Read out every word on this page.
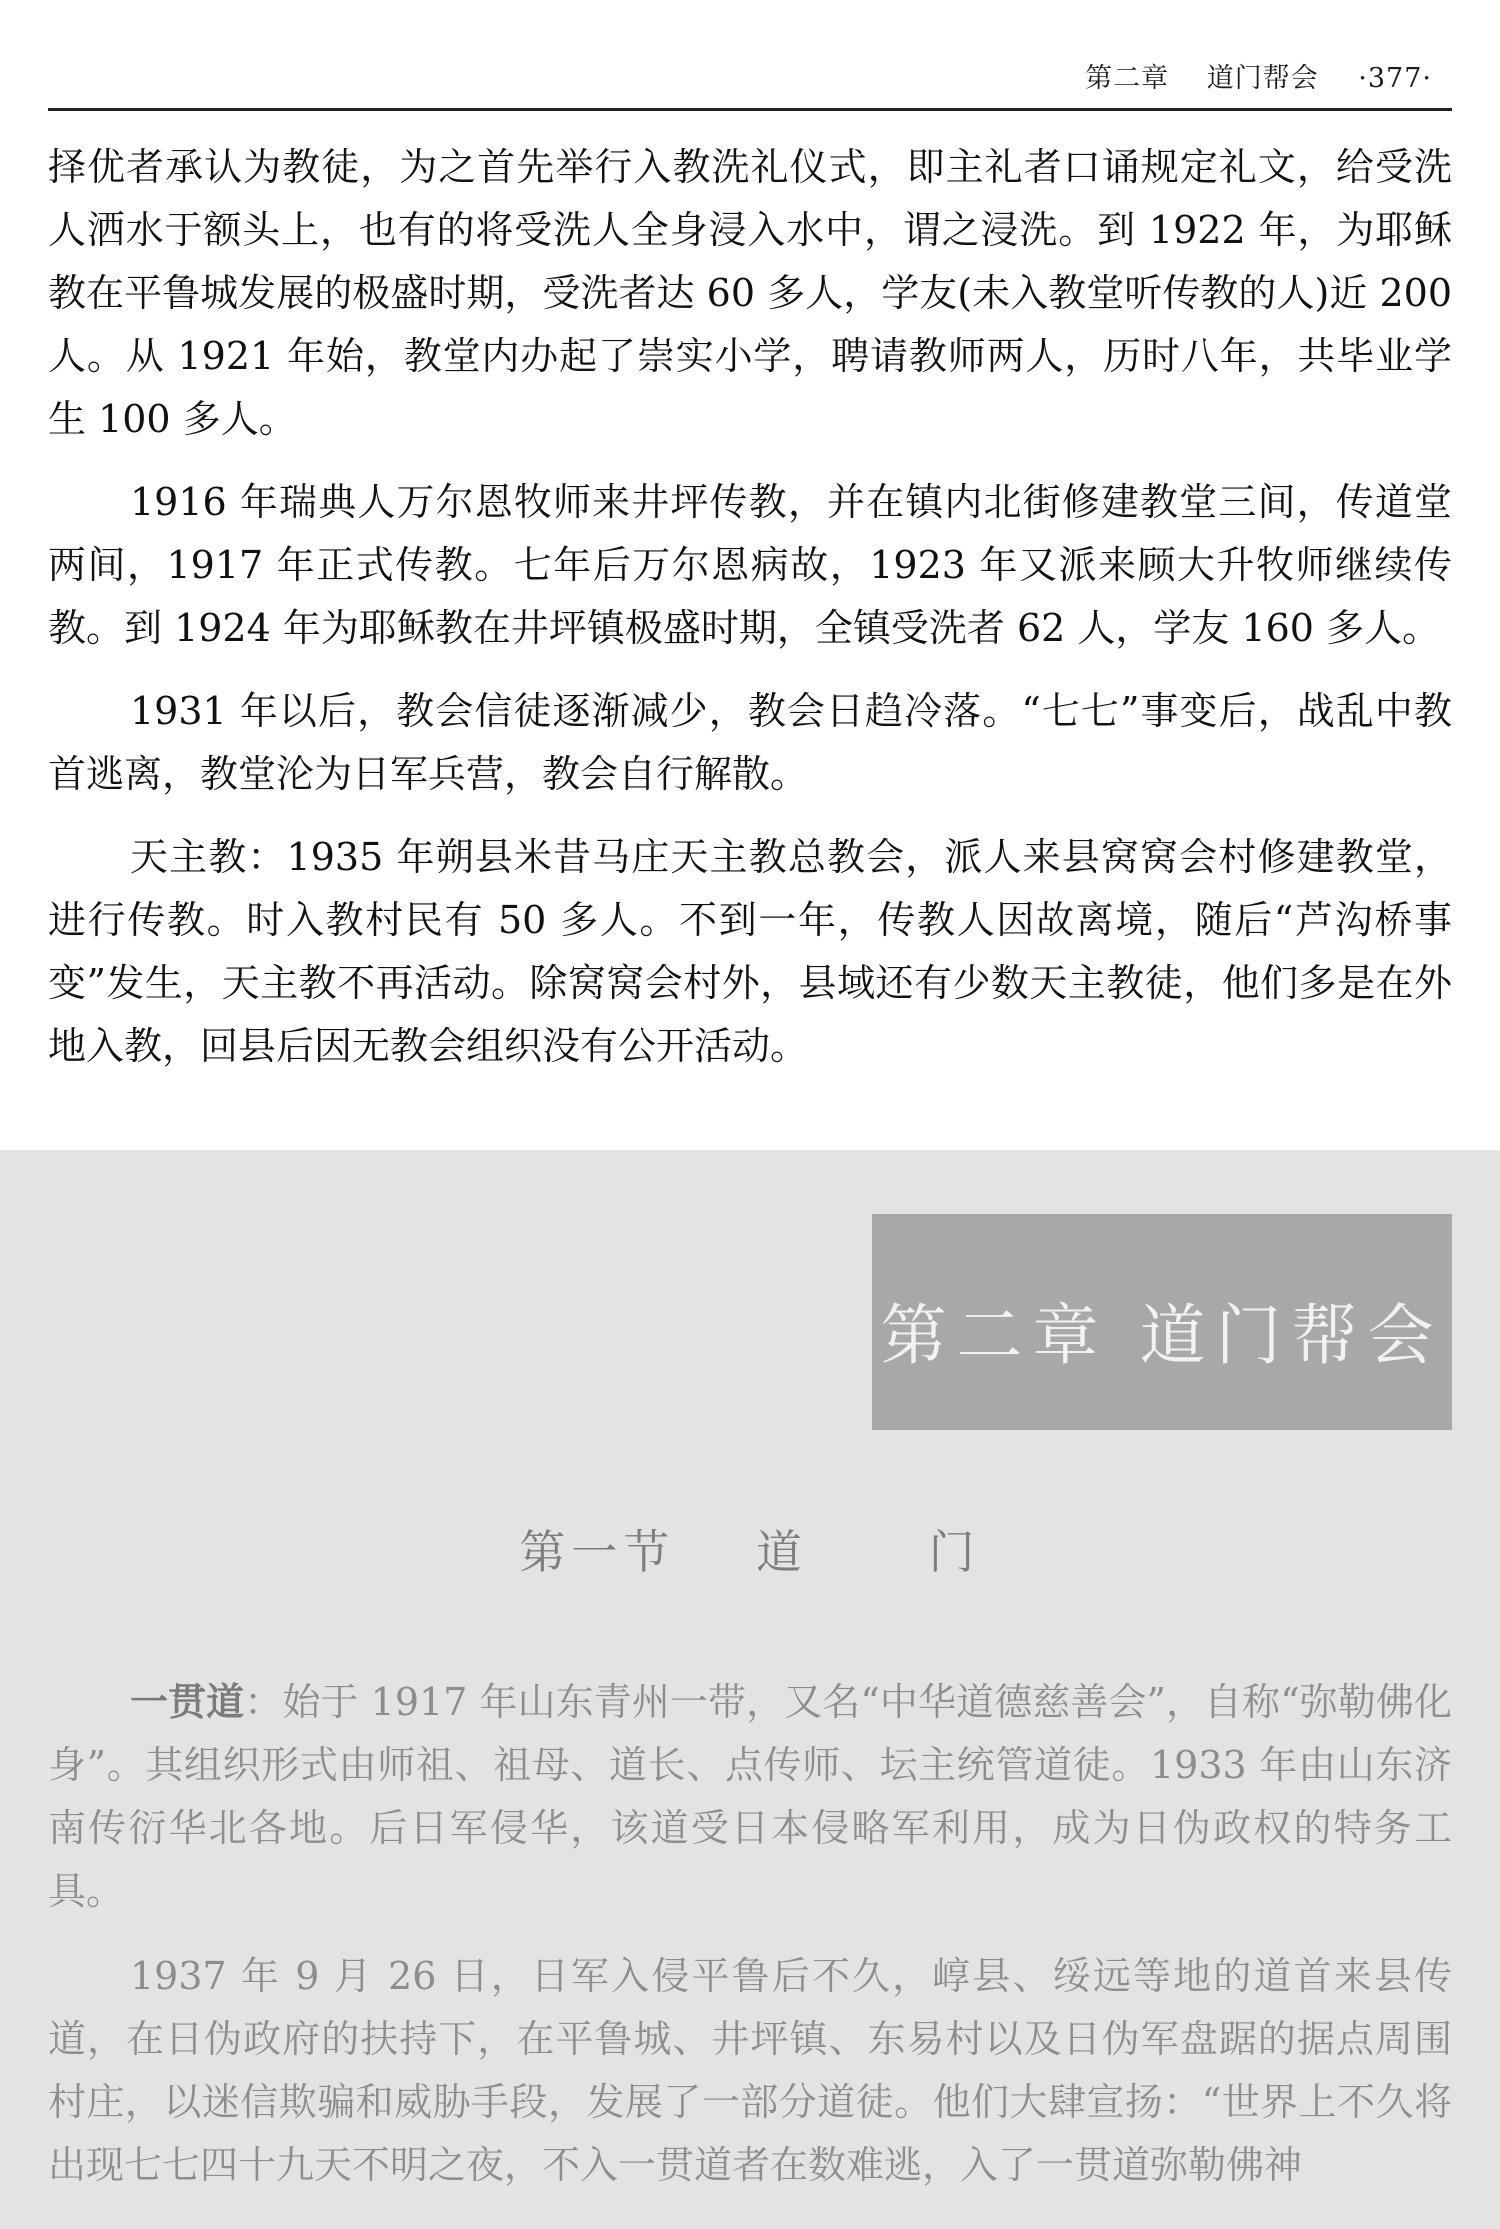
第二章 道门帮会 ·377·

择优者承认为教徒，为之首先举行入教洗礼仪式，即主礼者口诵规定礼文，给受洗人洒水于额头上，也有的将受洗人全身浸入水中，谓之浸洗。到 1922 年，为耶稣教在平鲁城发展的极盛时期，受洗者达 60 多人，学友(未入教堂听传教的人)近 200 人。从 1921 年始，教堂内办起了崇实小学，聘请教师两人，历时八年，共毕业学生 100 多人。

1916 年瑞典人万尔恩牧师来井坪传教，并在镇内北街修建教堂三间，传道堂两间，1917 年正式传教。七年后万尔恩病故，1923 年又派来顾大升牧师继续传教。到 1924 年为耶稣教在井坪镇极盛时期，全镇受洗者 62 人，学友 160 多人。

1931 年以后，教会信徒逐渐减少，教会日趋冷落。“七七”事变后，战乱中教首逃离，教堂沦为日军兵营，教会自行解散。

天主教：1935 年朔县米昔马庄天主教总教会，派人来县窝窝会村修建教堂，进行传教。时入教村民有 50 多人。不到一年，传教人因故离境，随后“芦沟桥事变”发生，天主教不再活动。除窝窝会村外，县域还有少数天主教徒，他们多是在外地入教，回县后因无教会组织没有公开活动。

第二章 道门帮会
第一节 道	门

一贯道：始于 1917 年山东青州一带，又名“中华道德慈善会”，自称“弥勒佛化身”。其组织形式由师祖、祖母、道长、点传师、坛主统管道徒。1933 年由山东济南传衍华北各地。后日军侵华，该道受日本侵略军利用，成为日伪政权的特务工具。

1937 年 9 月 26 日，日军入侵平鲁后不久，崞县、绥远等地的道首来县传道，在日伪政府的扶持下，在平鲁城、井坪镇、东易村以及日伪军盘踞的据点周围村庄，以迷信欺骗和威胁手段，发展了一部分道徒。他们大肆宣扬：“世界上不久将出现七七四十九天不明之夜，不入一贯道者在数难逃，入了一贯道弥勒佛神
